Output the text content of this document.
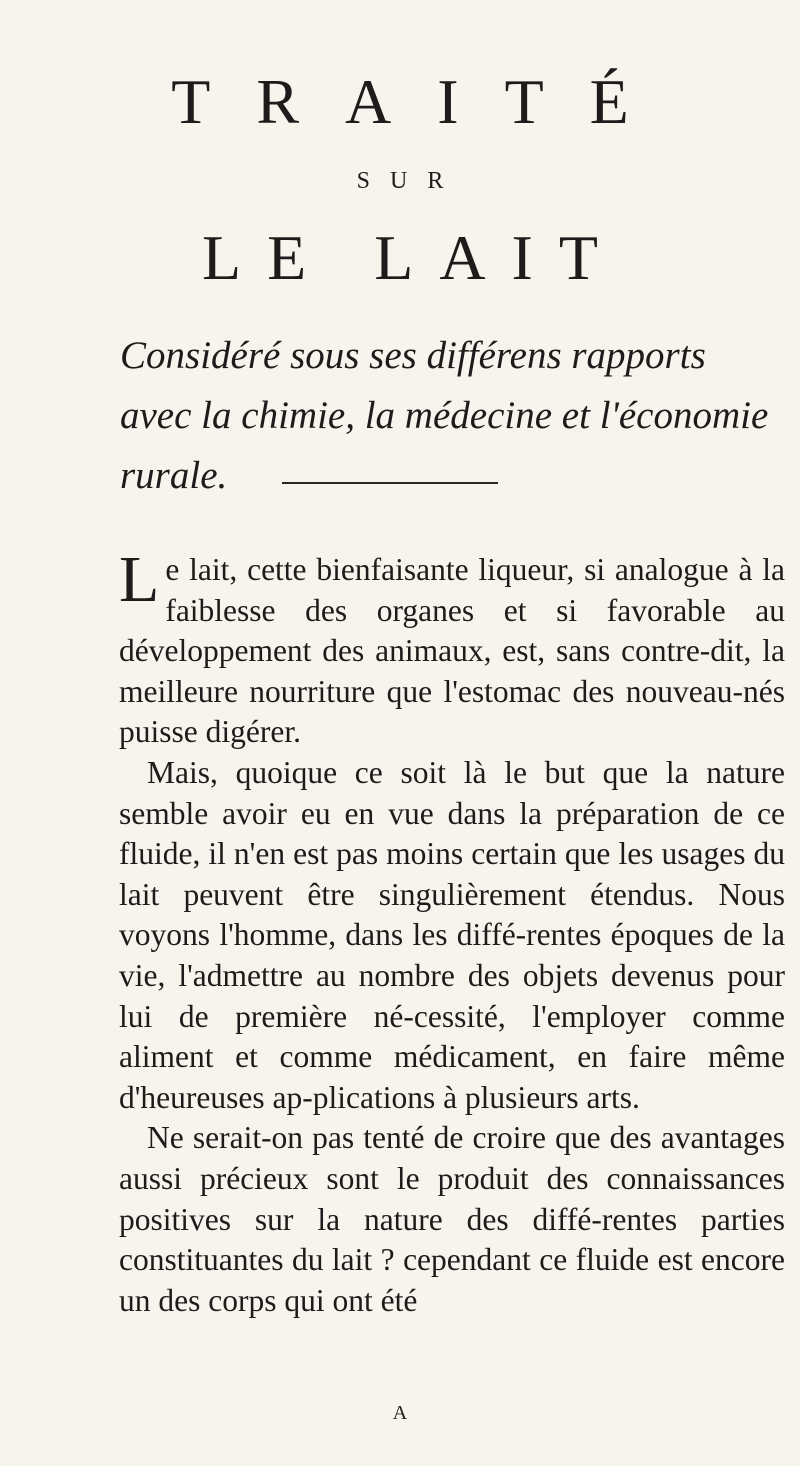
TRAITÉ
SUR
LE LAIT

Considéré sous ses différens rapports avec la chimie, la médecine et l'économie rurale.

Le lait, cette bienfaisante liqueur, si analogue à la faiblesse des organes et si favorable au développement des animaux, est, sans contre-dit, la meilleure nourriture que l'estomac des nouveau-nés puisse digérer.

Mais, quoique ce soit là le but que la nature semble avoir eu en vue dans la préparation de ce fluide, il n'en est pas moins certain que les usages du lait peuvent être singulièrement étendus. Nous voyons l'homme, dans les diffé-rentes époques de la vie, l'admettre au nombre des objets devenus pour lui de première né-cessité, l'employer comme aliment et comme médicament, en faire même d'heureuses ap-plications à plusieurs arts.

Ne serait-on pas tenté de croire que des avantages aussi précieux sont le produit des connaissances positives sur la nature des diffé-rentes parties constituantes du lait ? cependant ce fluide est encore un des corps qui ont été

A
